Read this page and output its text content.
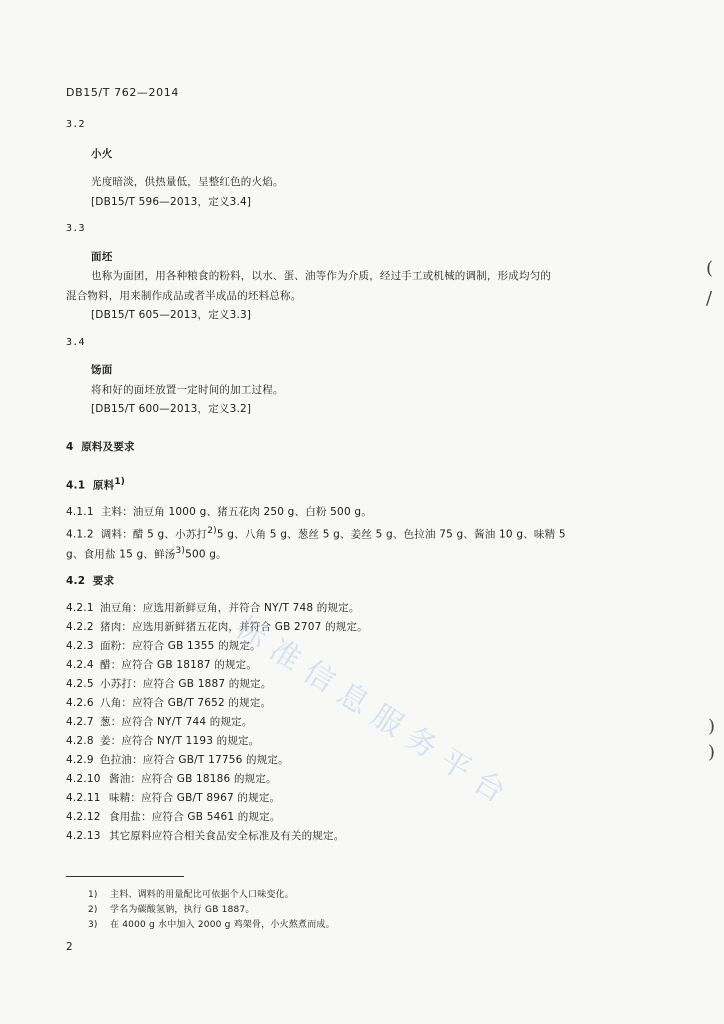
DB15/T 762—2014
3.2
小火
光度暗淡，供热量低，呈整红色的火焰。
[DB15/T 596—2013，定义3.4]
3.3
面坯
也称为面团，用各种粮食的粉料，以水、蛋、油等作为介质，经过手工或机械的调制，形成均匀的
混合物料，用来制作成品或者半成品的坯料总称。
[DB15/T 605—2013，定义3.3]
3.4
饧面
将和好的面坯放置一定时间的加工过程。
[DB15/T 600—2013，定义3.2]
4 原料及要求
4.1 原料$^{1)}$
4.1.1 主料：油豆角 1000 g、猪五花肉 250 g、白粉 500 g。
4.1.2 调料：醋 5 g、小苏打$^{2)}$5 g、八角 5 g、葱丝 5 g、姜丝 5 g、色拉油 75 g、酱油 10 g、味精 5
g、食用盐 15 g、鲜汤$^{3)}$500 g。
4.2 要求
4.2.1 油豆角：应选用新鲜豆角，并符合 NY/T 748 的规定。
4.2.2 猪肉：应选用新鲜猪五花肉，并符合 GB 2707 的规定。
4.2.3 面粉：应符合 GB 1355 的规定。
4.2.4 醋：应符合 GB 18187 的规定。
4.2.5 小苏打：应符合 GB 1887 的规定。
4.2.6 八角：应符合 GB/T 7652 的规定。
4.2.7 葱：应符合 NY/T 744 的规定。
4.2.8 姜：应符合 NY/T 1193 的规定。
4.2.9 色拉油：应符合 GB/T 17756 的规定。
4.2.10 酱油：应符合 GB 18186 的规定。
4.2.11 味精：应符合 GB/T 8967 的规定。
4.2.12 食用盐：应符合 GB 5461 的规定。
4.2.13 其它原料应符合相关食品安全标准及有关的规定。
1) 主料、调料的用量配比可依据个人口味变化。
2) 学名为碳酸氢钠，执行 GB 1887。
3) 在 4000 g 水中加入 2000 g 鸡架骨，小火熬煮而成。
2
标
准
信
息
服
务
平
台
(
/
)
)
